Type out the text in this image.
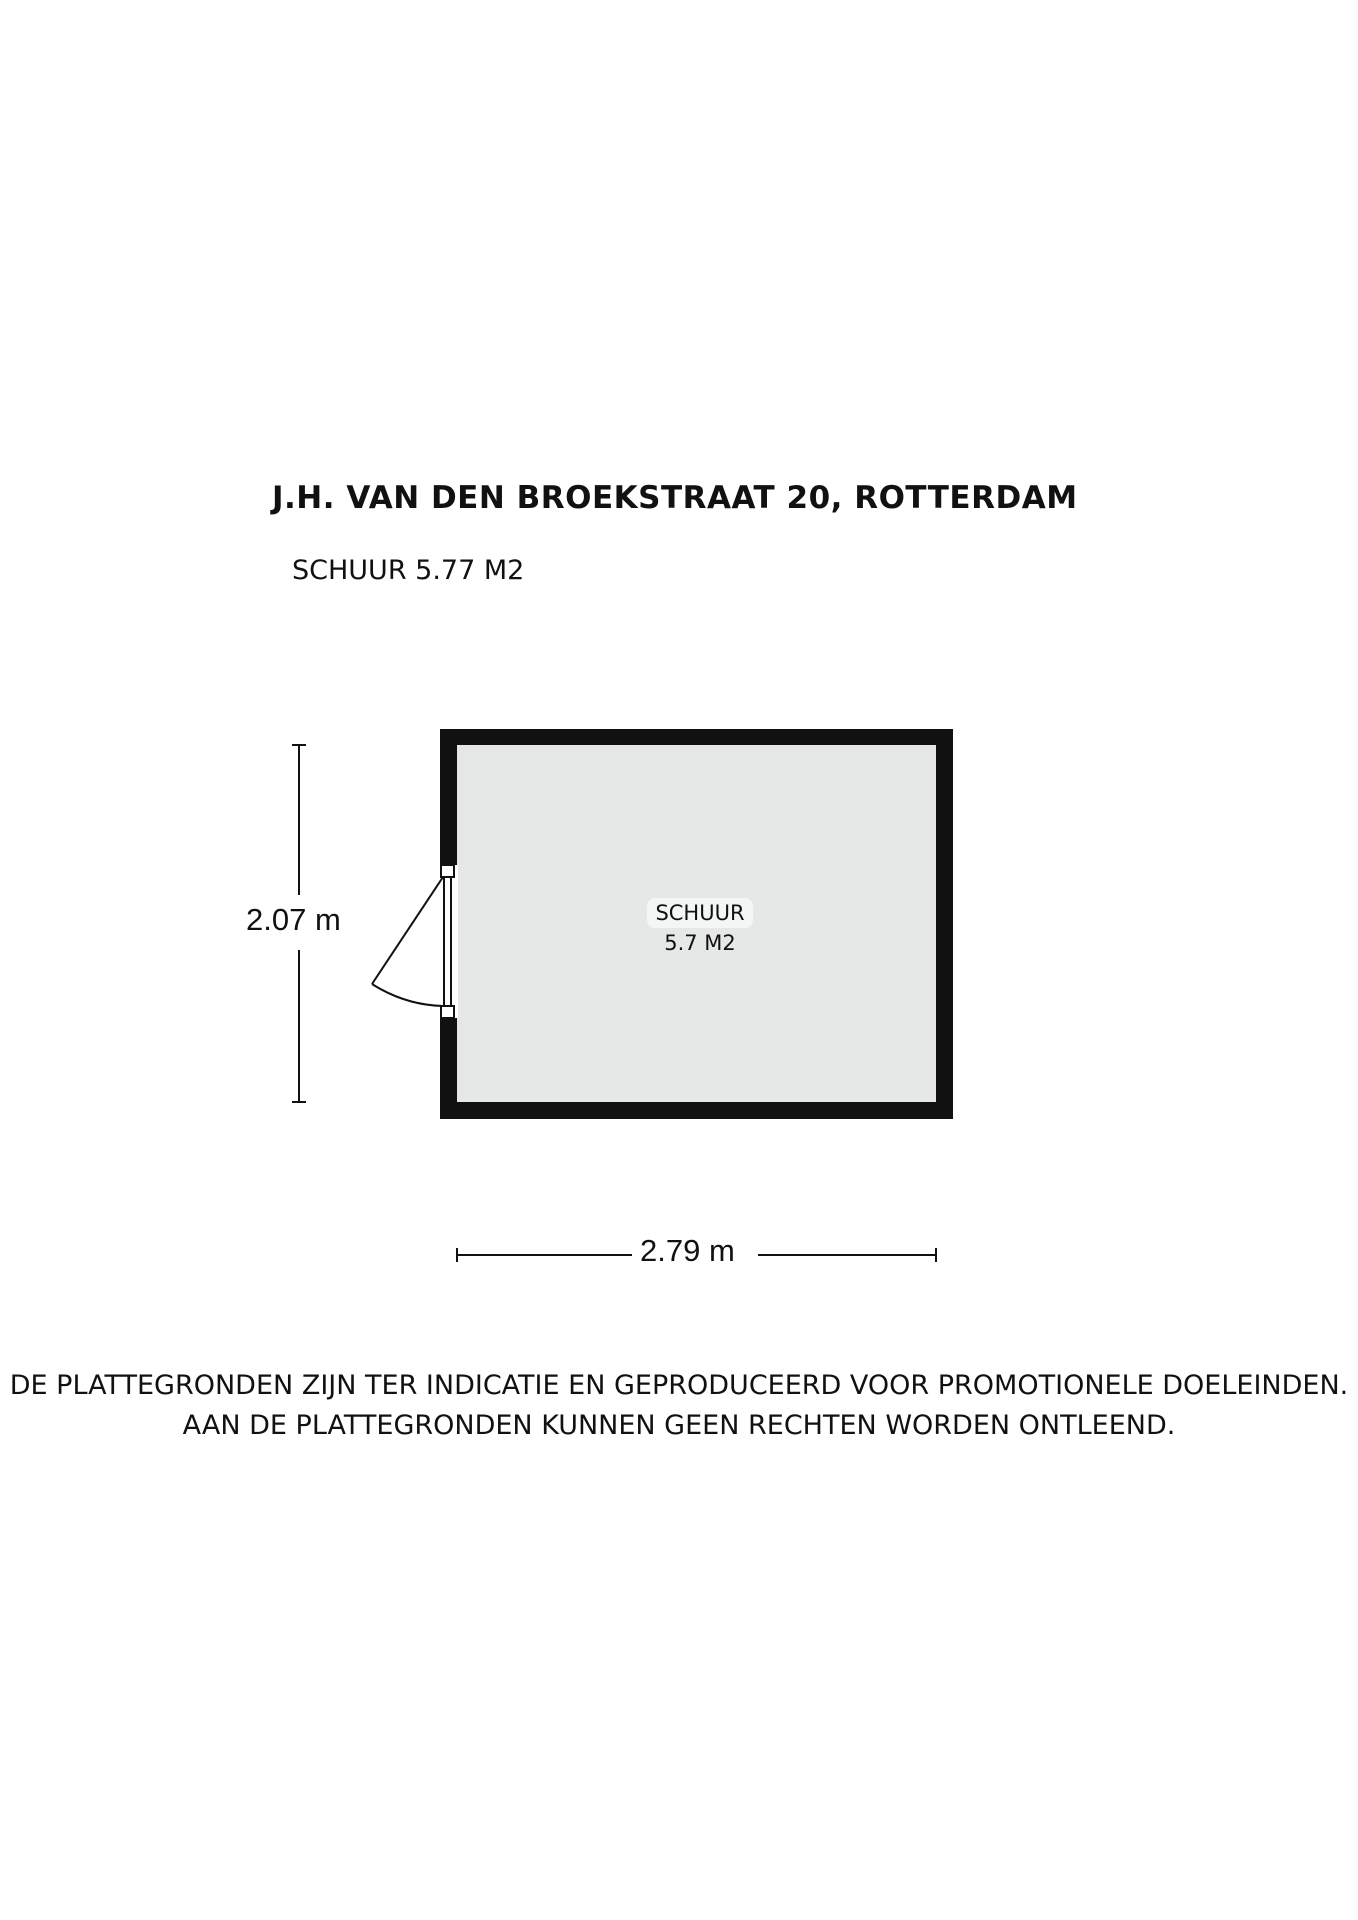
J.H. VAN DEN BROEKSTRAAT 20, ROTTERDAM
SCHUUR 5.77 M2
SCHUUR
5.7 M2
2.07 m
2.79 m
DE PLATTEGRONDEN ZIJN TER INDICATIE EN GEPRODUCEERD VOOR PROMOTIONELE DOELEINDEN.
AAN DE PLATTEGRONDEN KUNNEN GEEN RECHTEN WORDEN ONTLEEND.
